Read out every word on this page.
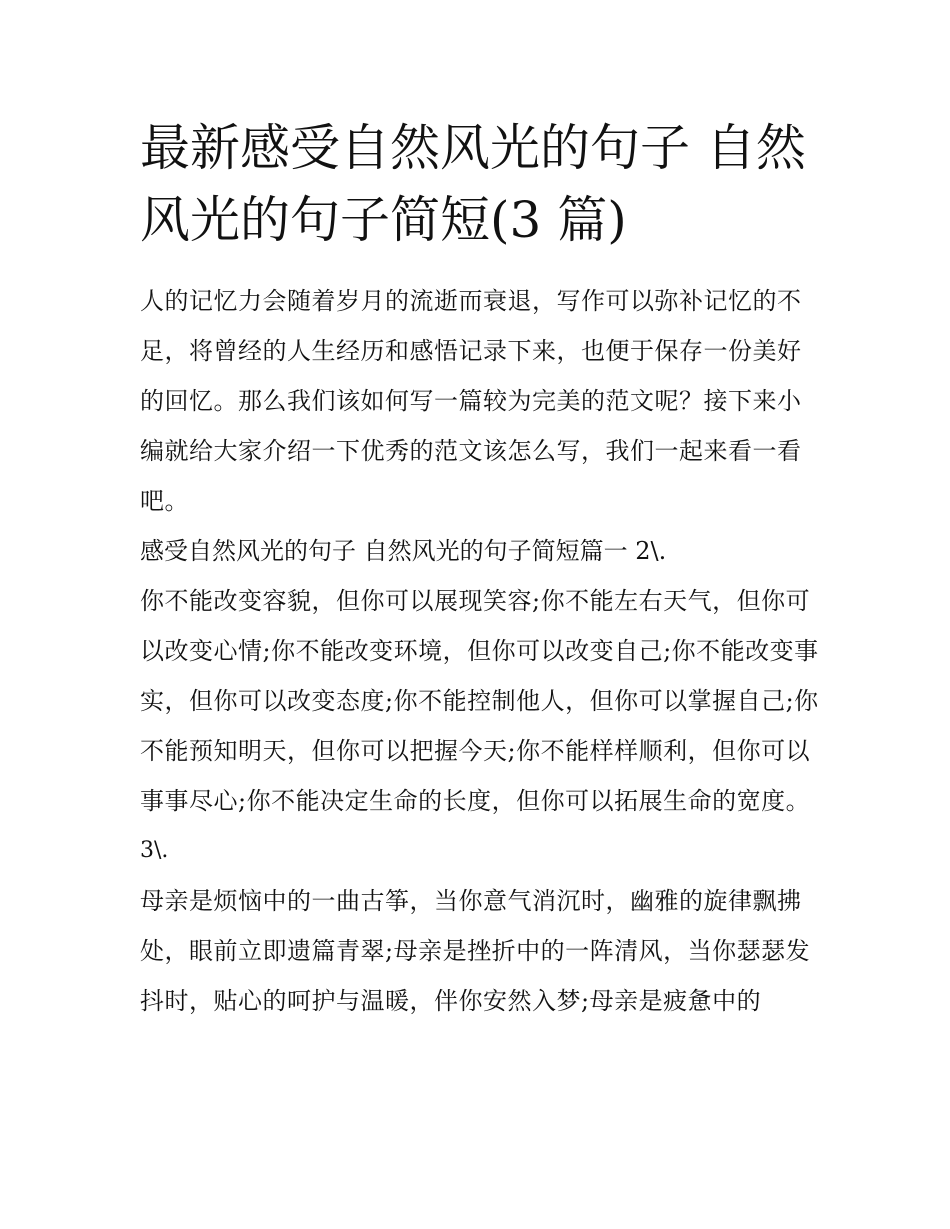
最新感受自然风光的句子 自然风光的句子简短(3 篇)

人的记忆力会随着岁月的流逝而衰退，写作可以弥补记忆的不足，将曾经的人生经历和感悟记录下来，也便于保存一份美好的回忆。那么我们该如何写一篇较为完美的范文呢？接下来小编就给大家介绍一下优秀的范文该怎么写，我们一起来看一看吧。

感受自然风光的句子 自然风光的句子简短篇一 2\.

你不能改变容貌，但你可以展现笑容;你不能左右天气，但你可以改变心情;你不能改变环境，但你可以改变自己;你不能改变事实，但你可以改变态度;你不能控制他人，但你可以掌握自己;你不能预知明天，但你可以把握今天;你不能样样顺利，但你可以事事尽心;你不能决定生命的长度，但你可以拓展生命的宽度。

3\.

母亲是烦恼中的一曲古筝，当你意气消沉时，幽雅的旋律飘拂处，眼前立即遗篇青翠;母亲是挫折中的一阵清风，当你瑟瑟发抖时，贴心的呵护与温暖，伴你安然入梦;母亲是疲惫中的
